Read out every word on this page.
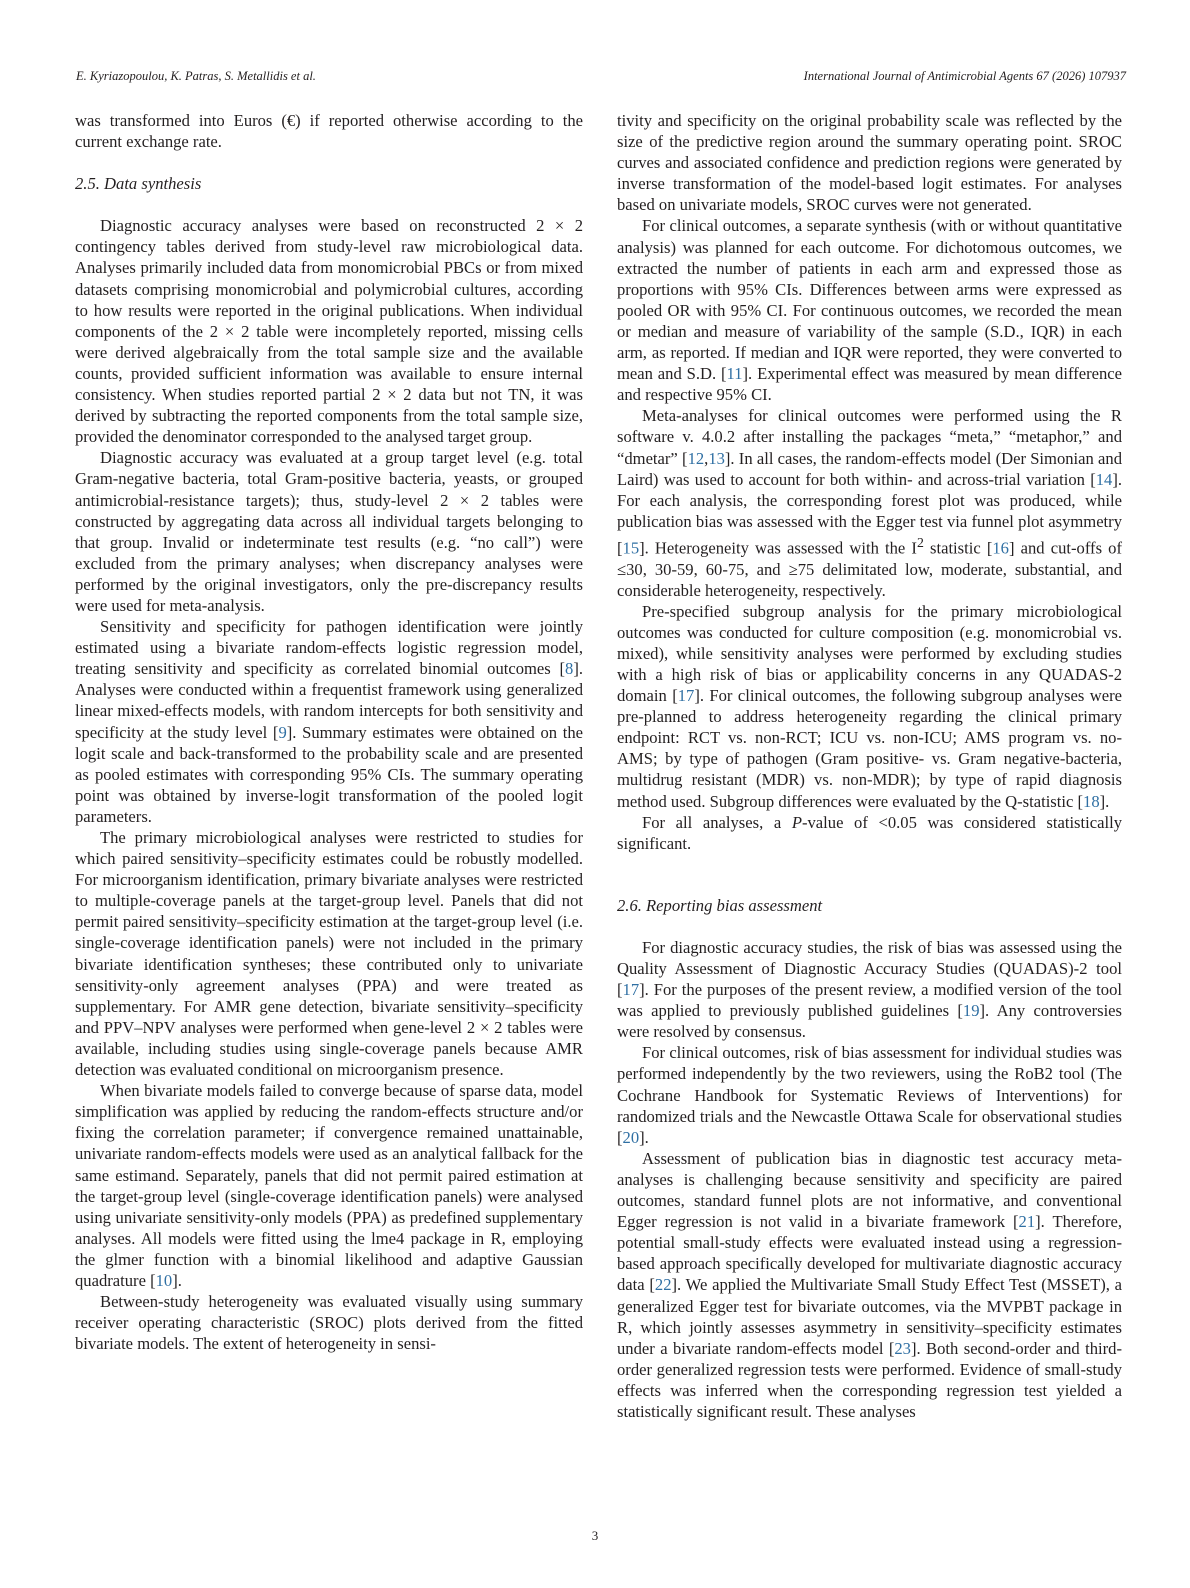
E. Kyriazopoulou, K. Patras, S. Metallidis et al.	International Journal of Antimicrobial Agents 67 (2026) 107937

was transformed into Euros (€) if reported otherwise according to the current exchange rate.

2.5. Data synthesis

Diagnostic accuracy analyses were based on reconstructed 2 × 2 contingency tables derived from study-level raw microbiological data. Analyses primarily included data from monomicrobial PBCs or from mixed datasets comprising monomicrobial and polymicrobial cultures, according to how results were reported in the original publications. When individual components of the 2 × 2 table were incompletely reported, missing cells were derived algebraically from the total sample size and the available counts, provided sufficient information was available to ensure internal consistency. When studies reported partial 2 × 2 data but not TN, it was derived by subtracting the reported components from the total sample size, provided the denominator corresponded to the analysed target group.

Diagnostic accuracy was evaluated at a group target level (e.g. total Gram-negative bacteria, total Gram-positive bacteria, yeasts, or grouped antimicrobial-resistance targets); thus, study-level 2 × 2 tables were constructed by aggregating data across all individual targets belonging to that group. Invalid or indeterminate test results (e.g. “no call”) were excluded from the primary analyses; when discrepancy analyses were performed by the original investigators, only the pre-discrepancy results were used for meta-analysis.

Sensitivity and specificity for pathogen identification were jointly estimated using a bivariate random-effects logistic regression model, treating sensitivity and specificity as correlated binomial outcomes [8]. Analyses were conducted within a frequentist framework using generalized linear mixed-effects models, with random intercepts for both sensitivity and specificity at the study level [9]. Summary estimates were obtained on the logit scale and back-transformed to the probability scale and are presented as pooled estimates with corresponding 95% CIs. The summary operating point was obtained by inverse-logit transformation of the pooled logit parameters.

The primary microbiological analyses were restricted to studies for which paired sensitivity–specificity estimates could be robustly modelled. For microorganism identification, primary bivariate analyses were restricted to multiple-coverage panels at the target-group level. Panels that did not permit paired sensitivity–specificity estimation at the target-group level (i.e. single-coverage identification panels) were not included in the primary bivariate identification syntheses; these contributed only to univariate sensitivity-only agreement analyses (PPA) and were treated as supplementary. For AMR gene detection, bivariate sensitivity–specificity and PPV–NPV analyses were performed when gene-level 2 × 2 tables were available, including studies using single-coverage panels because AMR detection was evaluated conditional on microorganism presence.

When bivariate models failed to converge because of sparse data, model simplification was applied by reducing the random-effects structure and/or fixing the correlation parameter; if convergence remained unattainable, univariate random-effects models were used as an analytical fallback for the same estimand. Separately, panels that did not permit paired estimation at the target-group level (single-coverage identification panels) were analysed using univariate sensitivity-only models (PPA) as predefined supplementary analyses. All models were fitted using the lme4 package in R, employing the glmer function with a binomial likelihood and adaptive Gaussian quadrature [10].

Between-study heterogeneity was evaluated visually using summary receiver operating characteristic (SROC) plots derived from the fitted bivariate models. The extent of heterogeneity in sensi-

tivity and specificity on the original probability scale was reflected by the size of the predictive region around the summary operating point. SROC curves and associated confidence and prediction regions were generated by inverse transformation of the model-based logit estimates. For analyses based on univariate models, SROC curves were not generated.

For clinical outcomes, a separate synthesis (with or without quantitative analysis) was planned for each outcome. For dichotomous outcomes, we extracted the number of patients in each arm and expressed those as proportions with 95% CIs. Differences between arms were expressed as pooled OR with 95% CI. For continuous outcomes, we recorded the mean or median and measure of variability of the sample (S.D., IQR) in each arm, as reported. If median and IQR were reported, they were converted to mean and S.D. [11]. Experimental effect was measured by mean difference and respective 95% CI.

Meta-analyses for clinical outcomes were performed using the R software v. 4.0.2 after installing the packages “meta,” “metaphor,” and “dmetar” [12,13]. In all cases, the random-effects model (Der Simonian and Laird) was used to account for both within- and across-trial variation [14]. For each analysis, the corresponding forest plot was produced, while publication bias was assessed with the Egger test via funnel plot asymmetry [15]. Heterogeneity was assessed with the $I^2$ statistic [16] and cut-offs of ≤30, 30-59, 60-75, and ≥75 delimitated low, moderate, substantial, and considerable heterogeneity, respectively.

Pre-specified subgroup analysis for the primary microbiological outcomes was conducted for culture composition (e.g. monomicrobial vs. mixed), while sensitivity analyses were performed by excluding studies with a high risk of bias or applicability concerns in any QUADAS-2 domain [17]. For clinical outcomes, the following subgroup analyses were pre-planned to address heterogeneity regarding the clinical primary endpoint: RCT vs. non-RCT; ICU vs. non-ICU; AMS program vs. no-AMS; by type of pathogen (Gram positive- vs. Gram negative-bacteria, multidrug resistant (MDR) vs. non-MDR); by type of rapid diagnosis method used. Subgroup differences were evaluated by the Q-statistic [18].

For all analyses, a P-value of <0.05 was considered statistically significant.

2.6. Reporting bias assessment

For diagnostic accuracy studies, the risk of bias was assessed using the Quality Assessment of Diagnostic Accuracy Studies (QUADAS)-2 tool [17]. For the purposes of the present review, a modified version of the tool was applied to previously published guidelines [19]. Any controversies were resolved by consensus.

For clinical outcomes, risk of bias assessment for individual studies was performed independently by the two reviewers, using the RoB2 tool (The Cochrane Handbook for Systematic Reviews of Interventions) for randomized trials and the Newcastle Ottawa Scale for observational studies [20].

Assessment of publication bias in diagnostic test accuracy meta-analyses is challenging because sensitivity and specificity are paired outcomes, standard funnel plots are not informative, and conventional Egger regression is not valid in a bivariate framework [21]. Therefore, potential small-study effects were evaluated instead using a regression-based approach specifically developed for multivariate diagnostic accuracy data [22]. We applied the Multivariate Small Study Effect Test (MSSET), a generalized Egger test for bivariate outcomes, via the MVPBT package in R, which jointly assesses asymmetry in sensitivity–specificity estimates under a bivariate random-effects model [23]. Both second-order and third-order generalized regression tests were performed. Evidence of small-study effects was inferred when the corresponding regression test yielded a statistically significant result. These analyses

3
